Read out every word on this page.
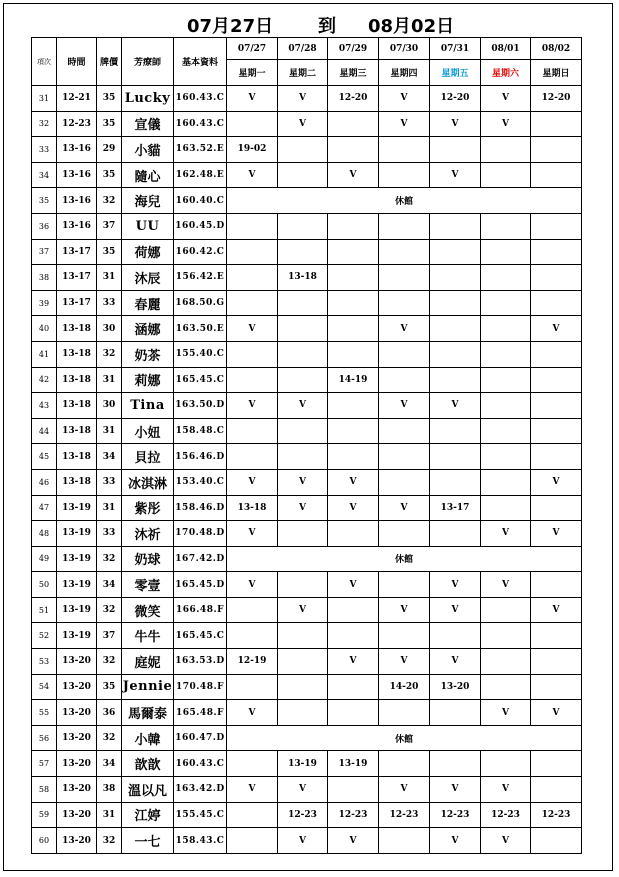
07月27日 到 08月02日
項次	時間	牌價	芳療師	基本資料	07/27	07/28	07/29	07/30	07/31	08/01	08/02
					星期一	星期二	星期三	星期四	星期五	星期六	星期日
31	12-21	35	Lucky	160.43.C	V	V	12-20	V	12-20	V	12-20
32	12-23	35	宣儀	160.43.C		V		V	V	V	
33	13-16	29	小貓	163.52.E	19-02						
34	13-16	35	隨心	162.48.E	V		V		V		
35	13-16	32	海兒	160.40.C	休館						
36	13-16	37	UU	160.45.D							
37	13-17	35	荷娜	160.42.C							
38	13-17	31	沐辰	156.42.E		13-18					
39	13-17	33	春麗	168.50.G							
40	13-18	30	涵娜	163.50.E	V			V			V
41	13-18	32	奶茶	155.40.C							
42	13-18	31	莉娜	165.45.C			14-19				
43	13-18	30	Tina	163.50.D	V	V		V	V		
44	13-18	31	小妞	158.48.C							
45	13-18	34	貝拉	156.46.D							
46	13-18	33	冰淇淋	153.40.C	V	V	V				V
47	13-19	31	紫彤	158.46.D	13-18	V	V	V	13-17		
48	13-19	33	沐祈	170.48.D	V					V	V
49	13-19	32	奶球	167.42.D	休館						
50	13-19	34	零壹	165.45.D	V		V		V	V	
51	13-19	32	微笑	166.48.F		V		V	V		V
52	13-19	37	牛牛	165.45.C							
53	13-20	32	庭妮	163.53.D	12-19		V	V	V		
54	13-20	35	Jennie	170.48.F				14-20	13-20		
55	13-20	36	馬爾泰	165.48.F	V					V	V
56	13-20	32	小韓	160.47.D	休館						
57	13-20	34	歆歆	160.43.C		13-19	13-19				
58	13-20	38	溫以凡	163.42.D	V	V		V	V	V	
59	13-20	31	江婷	155.45.C		12-23	12-23	12-23	12-23	12-23	12-23
60	13-20	32	一七	158.43.C		V	V		V	V	
